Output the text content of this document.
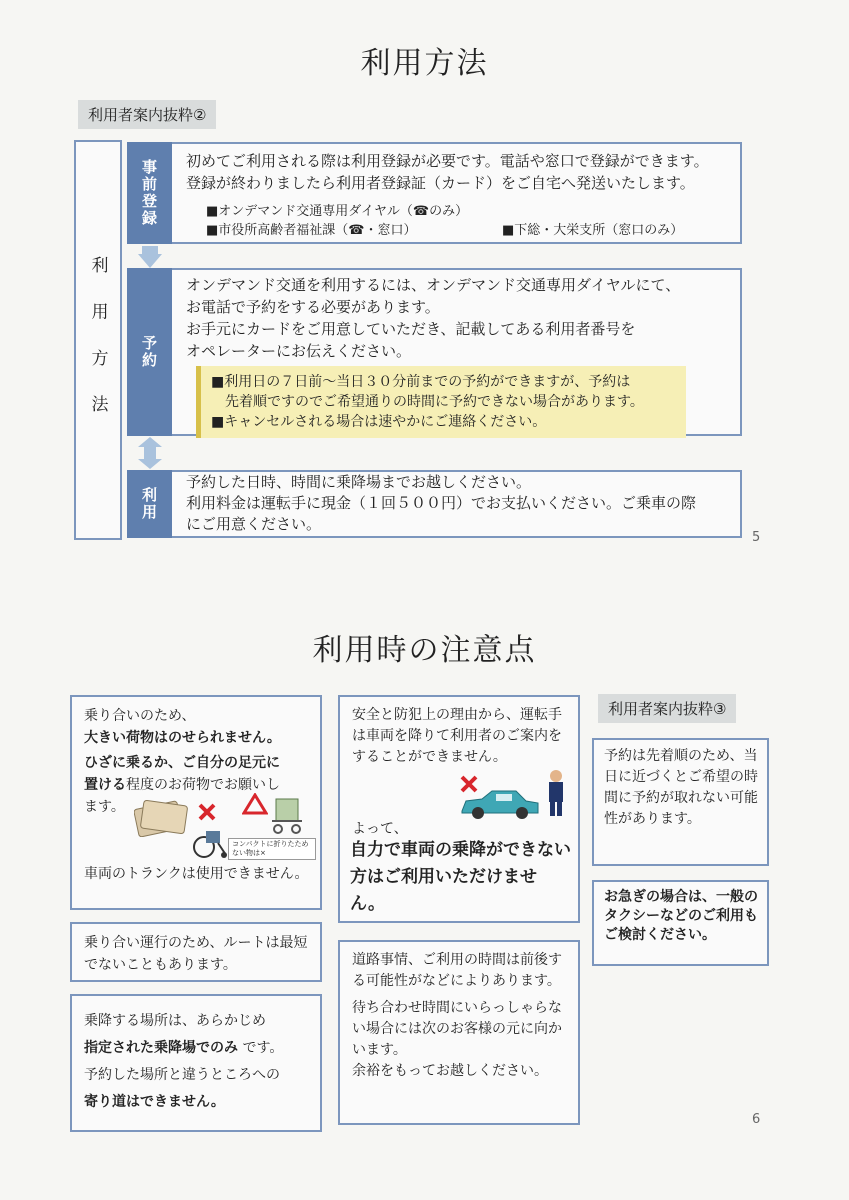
利用方法
利用者案内抜粋②
利 用 方 法
事前登録	初めてご利用される際は利用登録が必要です。電話や窓口で登録ができます。
登録が終わりましたら利用者登録証（カード）をご自宅へ発送いたします。
■オンデマンド交通専用ダイヤル（☎のみ）
■市役所高齢者福祉課（☎・窓口）	■下総・大栄支所（窓口のみ）
予約
オンデマンド交通を利用するには、オンデマンド交通専用ダイヤルにて、
お電話で予約をする必要があります。
お手元にカードをご用意していただき、記載してある利用者番号を
オペレーターにお伝えください。
■利用日の７日前～当日３０分前までの予約ができますが、予約は
　先着順ですのでご希望通りの時間に予約できない場合があります。
■キャンセルされる場合は速やかにご連絡ください。
利用
予約した日時、時間に乗降場までお越しください。
利用料金は運転手に現金（１回５００円）でお支払いください。ご乗車の際
にご用意ください。
5
利用時の注意点
乗り合いのため、
大きい荷物はのせられません。
ひざに乗るか、ご自分の足元に
置ける程度のお荷物でお願いし
ます。
コンパクトに折りたためない物は×
車両のトランクは使用できません。
乗り合い運行のため、ルートは最短でないこともあります。
乗降する場所は、あらかじめ
指定された乗降場でのみ です。
予約した場所と違うところへの
寄り道はできません。
安全と防犯上の理由から、運転手は車両を降りて利用者のご案内をすることができません。
よって、
自力で車両の乗降ができない方はご利用いただけません。
道路事情、ご利用の時間は前後する可能性がなどによりあります。
待ち合わせ時間にいらっしゃらない場合には次のお客様の元に向かいます。
余裕をもってお越しください。
利用者案内抜粋③
予約は先着順のため、当日に近づくとご希望の時間に予約が取れない可能性があります。
お急ぎの場合は、一般のタクシーなどのご利用もご検討ください。
6
